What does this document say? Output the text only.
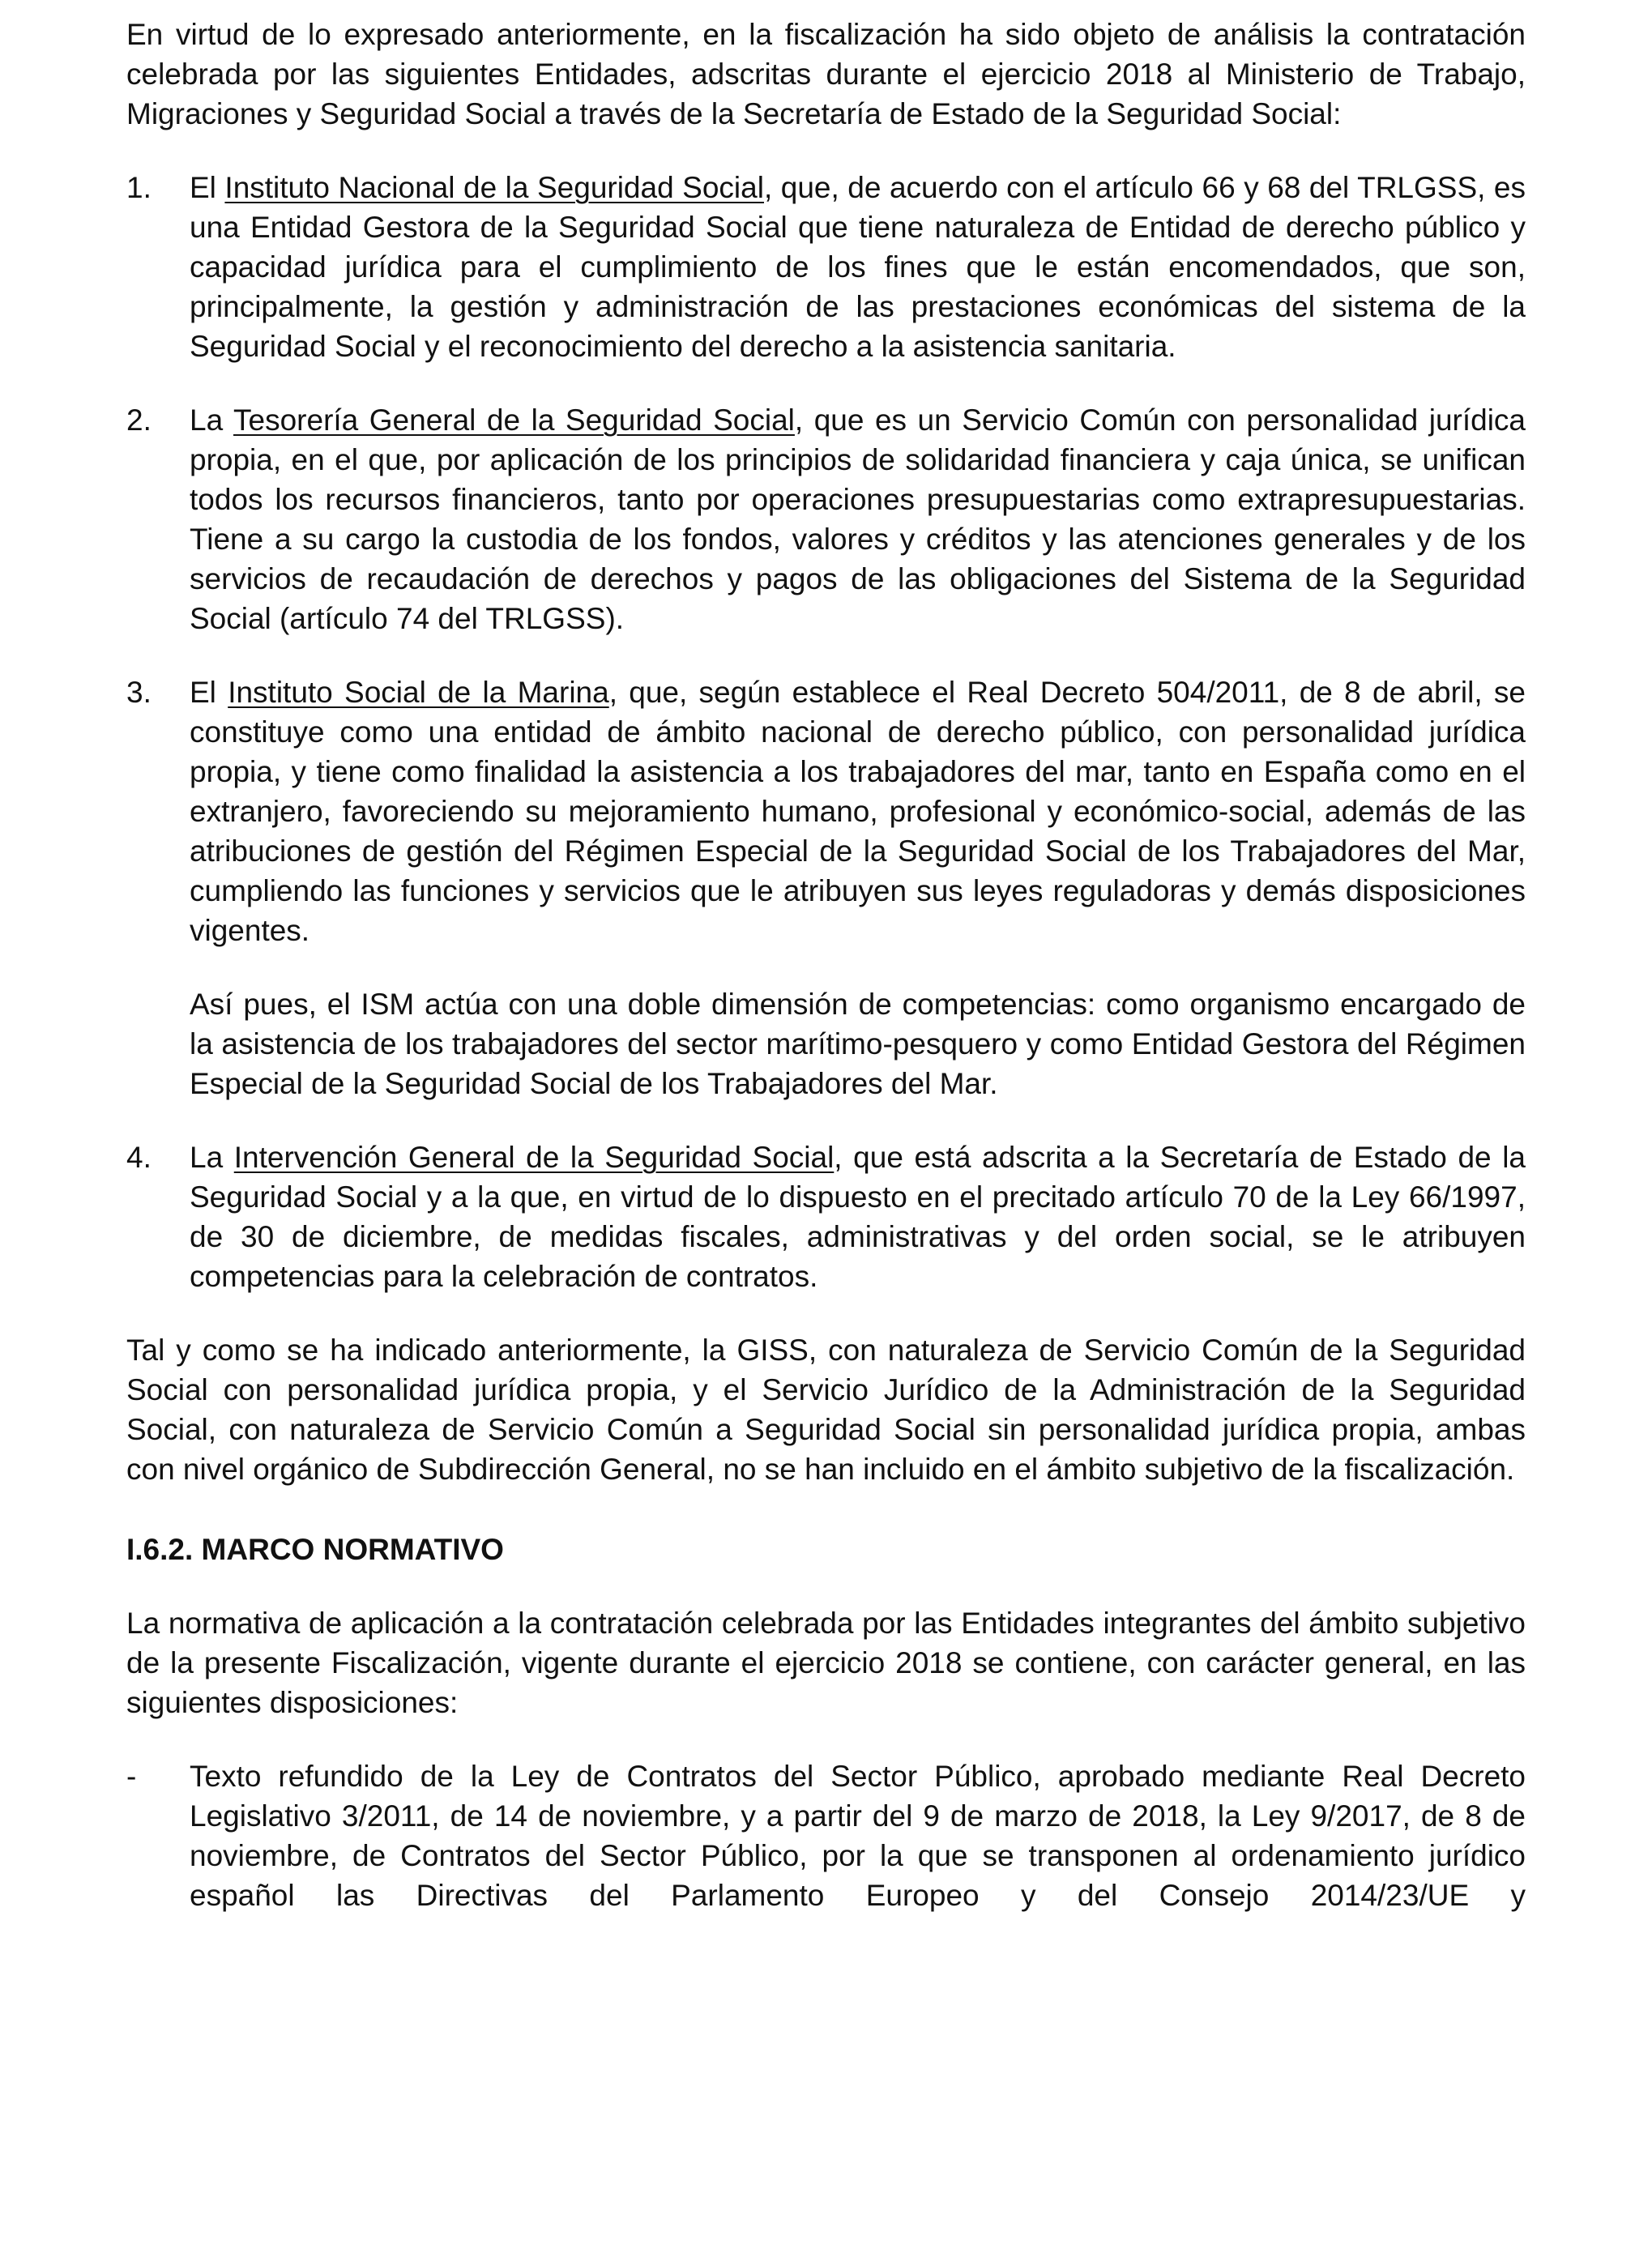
En virtud de lo expresado anteriormente, en la fiscalización ha sido objeto de análisis la contratación celebrada por las siguientes Entidades, adscritas durante el ejercicio 2018 al Ministerio de Trabajo, Migraciones y Seguridad Social a través de la Secretaría de Estado de la Seguridad Social:

1. El Instituto Nacional de la Seguridad Social, que, de acuerdo con el artículo 66 y 68 del TRLGSS, es una Entidad Gestora de la Seguridad Social que tiene naturaleza de Entidad de derecho público y capacidad jurídica para el cumplimiento de los fines que le están encomendados, que son, principalmente, la gestión y administración de las prestaciones económicas del sistema de la Seguridad Social y el reconocimiento del derecho a la asistencia sanitaria.

2. La Tesorería General de la Seguridad Social, que es un Servicio Común con personalidad jurídica propia, en el que, por aplicación de los principios de solidaridad financiera y caja única, se unifican todos los recursos financieros, tanto por operaciones presupuestarias como extrapresupuestarias. Tiene a su cargo la custodia de los fondos, valores y créditos y las atenciones generales y de los servicios de recaudación de derechos y pagos de las obligaciones del Sistema de la Seguridad Social (artículo 74 del TRLGSS).

3. El Instituto Social de la Marina, que, según establece el Real Decreto 504/2011, de 8 de abril, se constituye como una entidad de ámbito nacional de derecho público, con personalidad jurídica propia, y tiene como finalidad la asistencia a los trabajadores del mar, tanto en España como en el extranjero, favoreciendo su mejoramiento humano, profesional y económico-social, además de las atribuciones de gestión del Régimen Especial de la Seguridad Social de los Trabajadores del Mar, cumpliendo las funciones y servicios que le atribuyen sus leyes reguladoras y demás disposiciones vigentes.

Así pues, el ISM actúa con una doble dimensión de competencias: como organismo encargado de la asistencia de los trabajadores del sector marítimo-pesquero y como Entidad Gestora del Régimen Especial de la Seguridad Social de los Trabajadores del Mar.

4. La Intervención General de la Seguridad Social, que está adscrita a la Secretaría de Estado de la Seguridad Social y a la que, en virtud de lo dispuesto en el precitado artículo 70 de la Ley 66/1997, de 30 de diciembre, de medidas fiscales, administrativas y del orden social, se le atribuyen competencias para la celebración de contratos.

Tal y como se ha indicado anteriormente, la GISS, con naturaleza de Servicio Común de la Seguridad Social con personalidad jurídica propia, y el Servicio Jurídico de la Administración de la Seguridad Social, con naturaleza de Servicio Común a Seguridad Social sin personalidad jurídica propia, ambas con nivel orgánico de Subdirección General, no se han incluido en el ámbito subjetivo de la fiscalización.

I.6.2. MARCO NORMATIVO

La normativa de aplicación a la contratación celebrada por las Entidades integrantes del ámbito subjetivo de la presente Fiscalización, vigente durante el ejercicio 2018 se contiene, con carácter general, en las siguientes disposiciones:

- Texto refundido de la Ley de Contratos del Sector Público, aprobado mediante Real Decreto Legislativo 3/2011, de 14 de noviembre, y a partir del 9 de marzo de 2018, la Ley 9/2017, de 8 de noviembre, de Contratos del Sector Público, por la que se transponen al ordenamiento jurídico español las Directivas del Parlamento Europeo y del Consejo 2014/23/UE y
